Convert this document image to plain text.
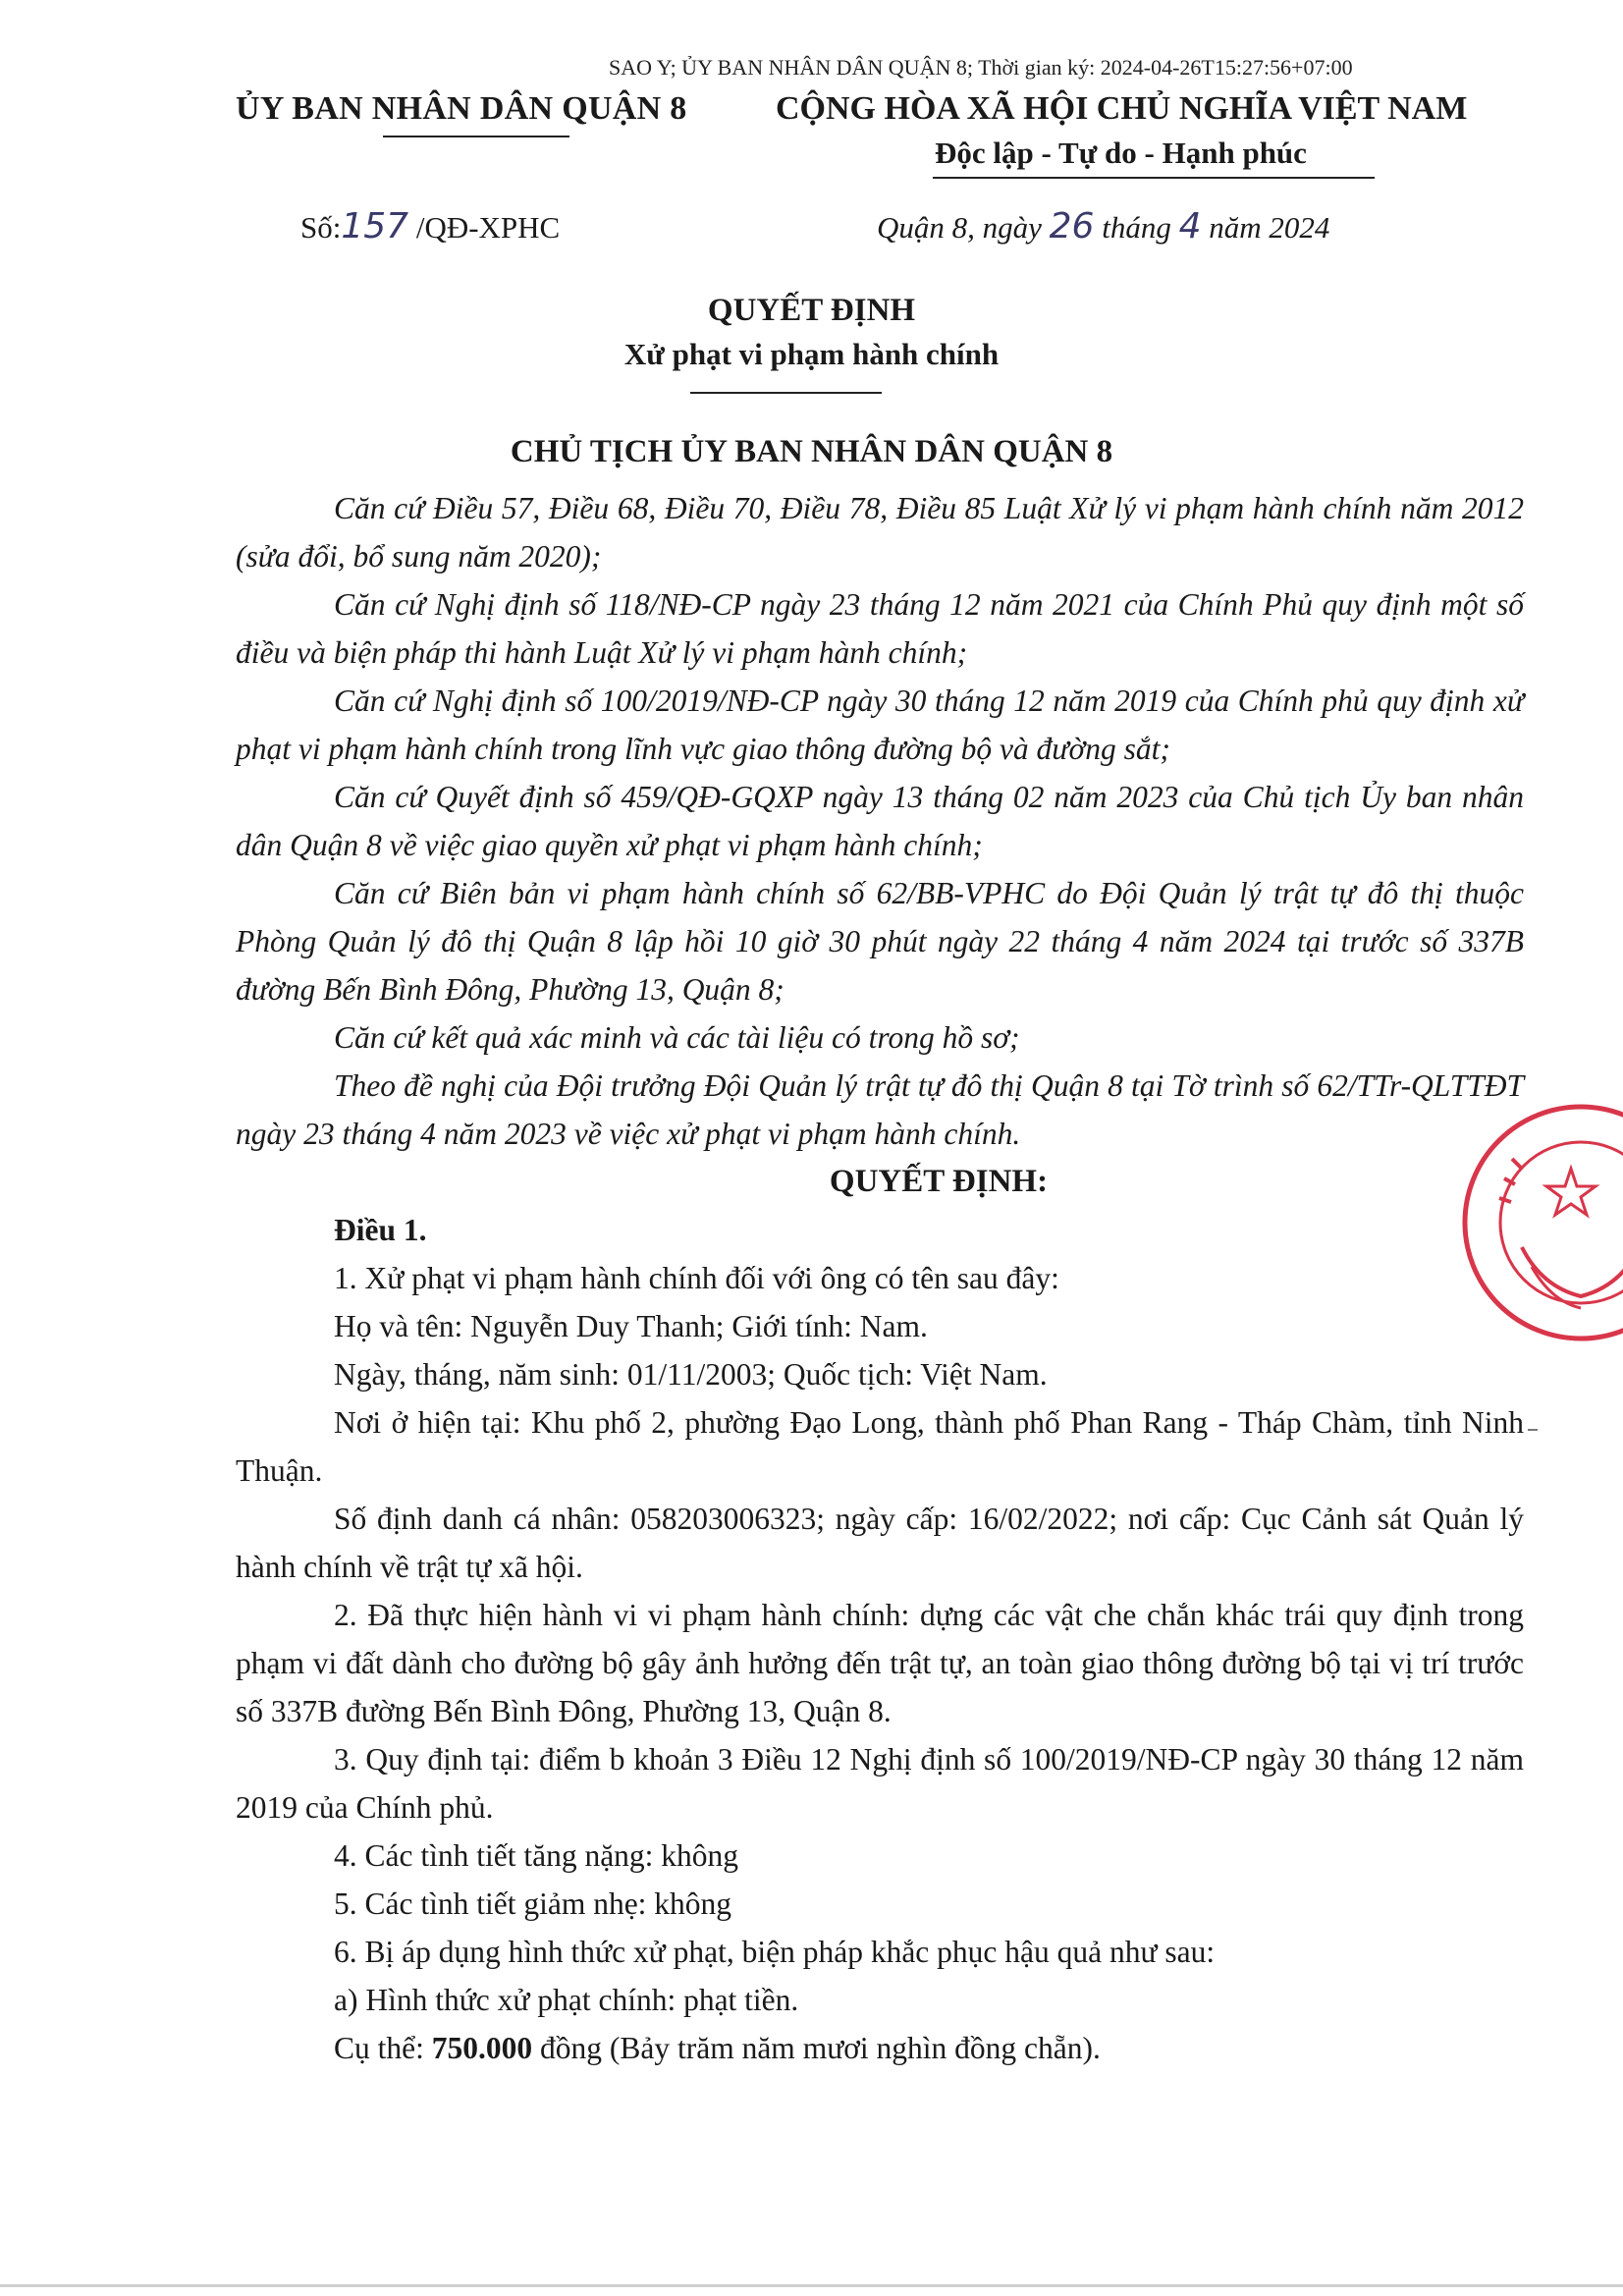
SAO Y; ỦY BAN NHÂN DÂN QUẬN 8; Thời gian ký: 2024-04-26T15:27:56+07:00
ỦY BAN NHÂN DÂN QUẬN 8	CỘNG HÒA XÃ HỘI CHỦ NGHĨA VIỆT NAM
Độc lập - Tự do - Hạnh phúc
Số:157 /QĐ-XPHC	Quận 8, ngày 26 tháng 4 năm 2024
QUYẾT ĐỊNH
Xử phạt vi phạm hành chính
CHỦ TỊCH ỦY BAN NHÂN DÂN QUẬN 8

Căn cứ Điều 57, Điều 68, Điều 70, Điều 78, Điều 85 Luật Xử lý vi phạm hành chính năm 2012 (sửa đổi, bổ sung năm 2020);

Căn cứ Nghị định số 118/NĐ-CP ngày 23 tháng 12 năm 2021 của Chính Phủ quy định một số điều và biện pháp thi hành Luật Xử lý vi phạm hành chính;

Căn cứ Nghị định số 100/2019/NĐ-CP ngày 30 tháng 12 năm 2019 của Chính phủ quy định xử phạt vi phạm hành chính trong lĩnh vực giao thông đường bộ và đường sắt;

Căn cứ Quyết định số 459/QĐ-GQXP ngày 13 tháng 02 năm 2023 của Chủ tịch Ủy ban nhân dân Quận 8 về việc giao quyền xử phạt vi phạm hành chính;

Căn cứ Biên bản vi phạm hành chính số 62/BB-VPHC do Đội Quản lý trật tự đô thị thuộc Phòng Quản lý đô thị Quận 8 lập hồi 10 giờ 30 phút ngày 22 tháng 4 năm 2024 tại trước số 337B đường Bến Bình Đông, Phường 13, Quận 8;

Căn cứ kết quả xác minh và các tài liệu có trong hồ sơ;

Theo đề nghị của Đội trưởng Đội Quản lý trật tự đô thị Quận 8 tại Tờ trình số 62/TTr-QLTTĐT ngày 23 tháng 4 năm 2023 về việc xử phạt vi phạm hành chính.

QUYẾT ĐỊNH:

Điều 1.

1. Xử phạt vi phạm hành chính đối với ông có tên sau đây:

Họ và tên: Nguyễn Duy Thanh; Giới tính: Nam.

Ngày, tháng, năm sinh: 01/11/2003; Quốc tịch: Việt Nam.

Nơi ở hiện tại: Khu phố 2, phường Đạo Long, thành phố Phan Rang - Tháp Chàm, tỉnh Ninh Thuận.

Số định danh cá nhân: 058203006323; ngày cấp: 16/02/2022; nơi cấp: Cục Cảnh sát Quản lý hành chính về trật tự xã hội.

2. Đã thực hiện hành vi vi phạm hành chính: dựng các vật che chắn khác trái quy định trong phạm vi đất dành cho đường bộ gây ảnh hưởng đến trật tự, an toàn giao thông đường bộ tại vị trí trước số 337B đường Bến Bình Đông, Phường 13, Quận 8.

3. Quy định tại: điểm b khoản 3 Điều 12 Nghị định số 100/2019/NĐ-CP ngày 30 tháng 12 năm 2019 của Chính phủ.

4. Các tình tiết tăng nặng: không

5. Các tình tiết giảm nhẹ: không

6. Bị áp dụng hình thức xử phạt, biện pháp khắc phục hậu quả như sau:

a) Hình thức xử phạt chính: phạt tiền.

Cụ thể: 750.000 đồng (Bảy trăm năm mươi nghìn đồng chẵn).
